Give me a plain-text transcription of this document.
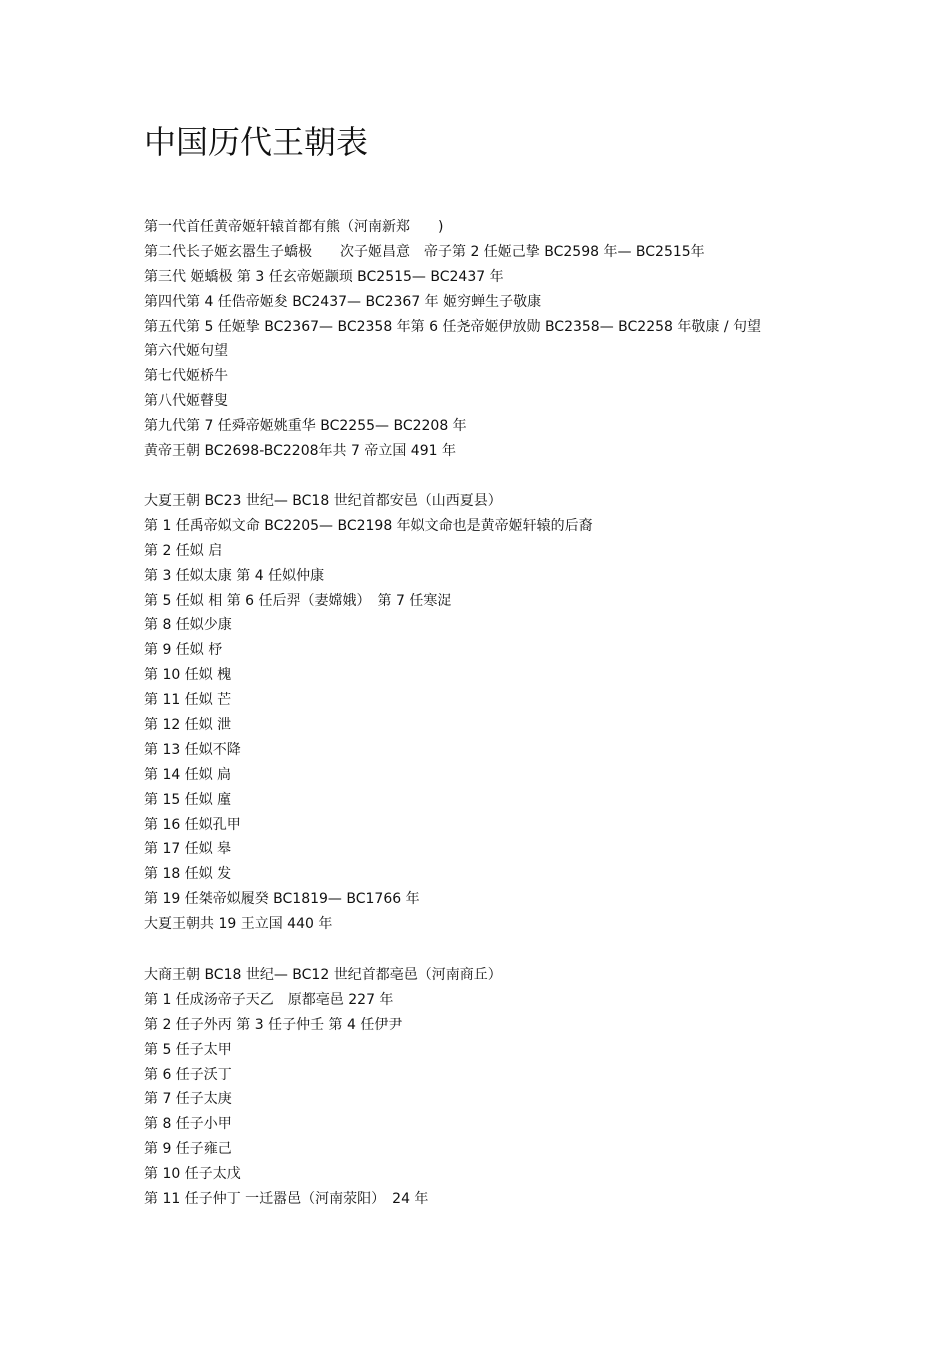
中国历代王朝表
第一代首任黄帝姬轩辕首都有熊（河南新郑　　)
第二代长子姬玄嚣生子蟜极　　次子姬昌意　帝子第 2 任姬己挚 BC2598 年— BC2515年
第三代 姬蟜极 第 3 任玄帝姬颛顼 BC2515— BC2437 年
第四代第 4 任俈帝姬夋 BC2437— BC2367 年 姬穷蝉生子敬康
第五代第 5 任姬挚 BC2367— BC2358 年第 6 任尧帝姬伊放勋 BC2358— BC2258 年敬康 / 句望
第六代姬句望
第七代姬桥牛
第八代姬瞽叟
第九代第 7 任舜帝姬姚重华 BC2255— BC2208 年
黄帝王朝 BC2698-BC2208年共 7 帝立国 491 年
大夏王朝 BC23 世纪— BC18 世纪首都安邑（山西夏县）
第 1 任禹帝姒文命 BC2205— BC2198 年姒文命也是黄帝姬轩辕的后裔
第 2 任姒 启
第 3 任姒太康 第 4 任姒仲康
第 5 任姒 相 第 6 任后羿（妻嫦娥）　第 7 任寒浞
第 8 任姒少康
第 9 任姒 杼
第 10 任姒 槐
第 11 任姒 芒
第 12 任姒 泄
第 13 任姒不降
第 14 任姒 扃
第 15 任姒 廑
第 16 任姒孔甲
第 17 任姒 皋
第 18 任姒 发
第 19 任桀帝姒履癸 BC1819— BC1766 年
大夏王朝共 19 王立国 440 年
大商王朝 BC18 世纪— BC12 世纪首都亳邑（河南商丘）
第 1 任成汤帝子天乙　原都亳邑 227 年
第 2 任子外丙 第 3 任子仲壬 第 4 任伊尹
第 5 任子太甲
第 6 任子沃丁
第 7 任子太庚
第 8 任子小甲
第 9 任子雍己
第 10 任子太戊
第 11 任子仲丁 一迁嚣邑（河南荥阳）　24 年
